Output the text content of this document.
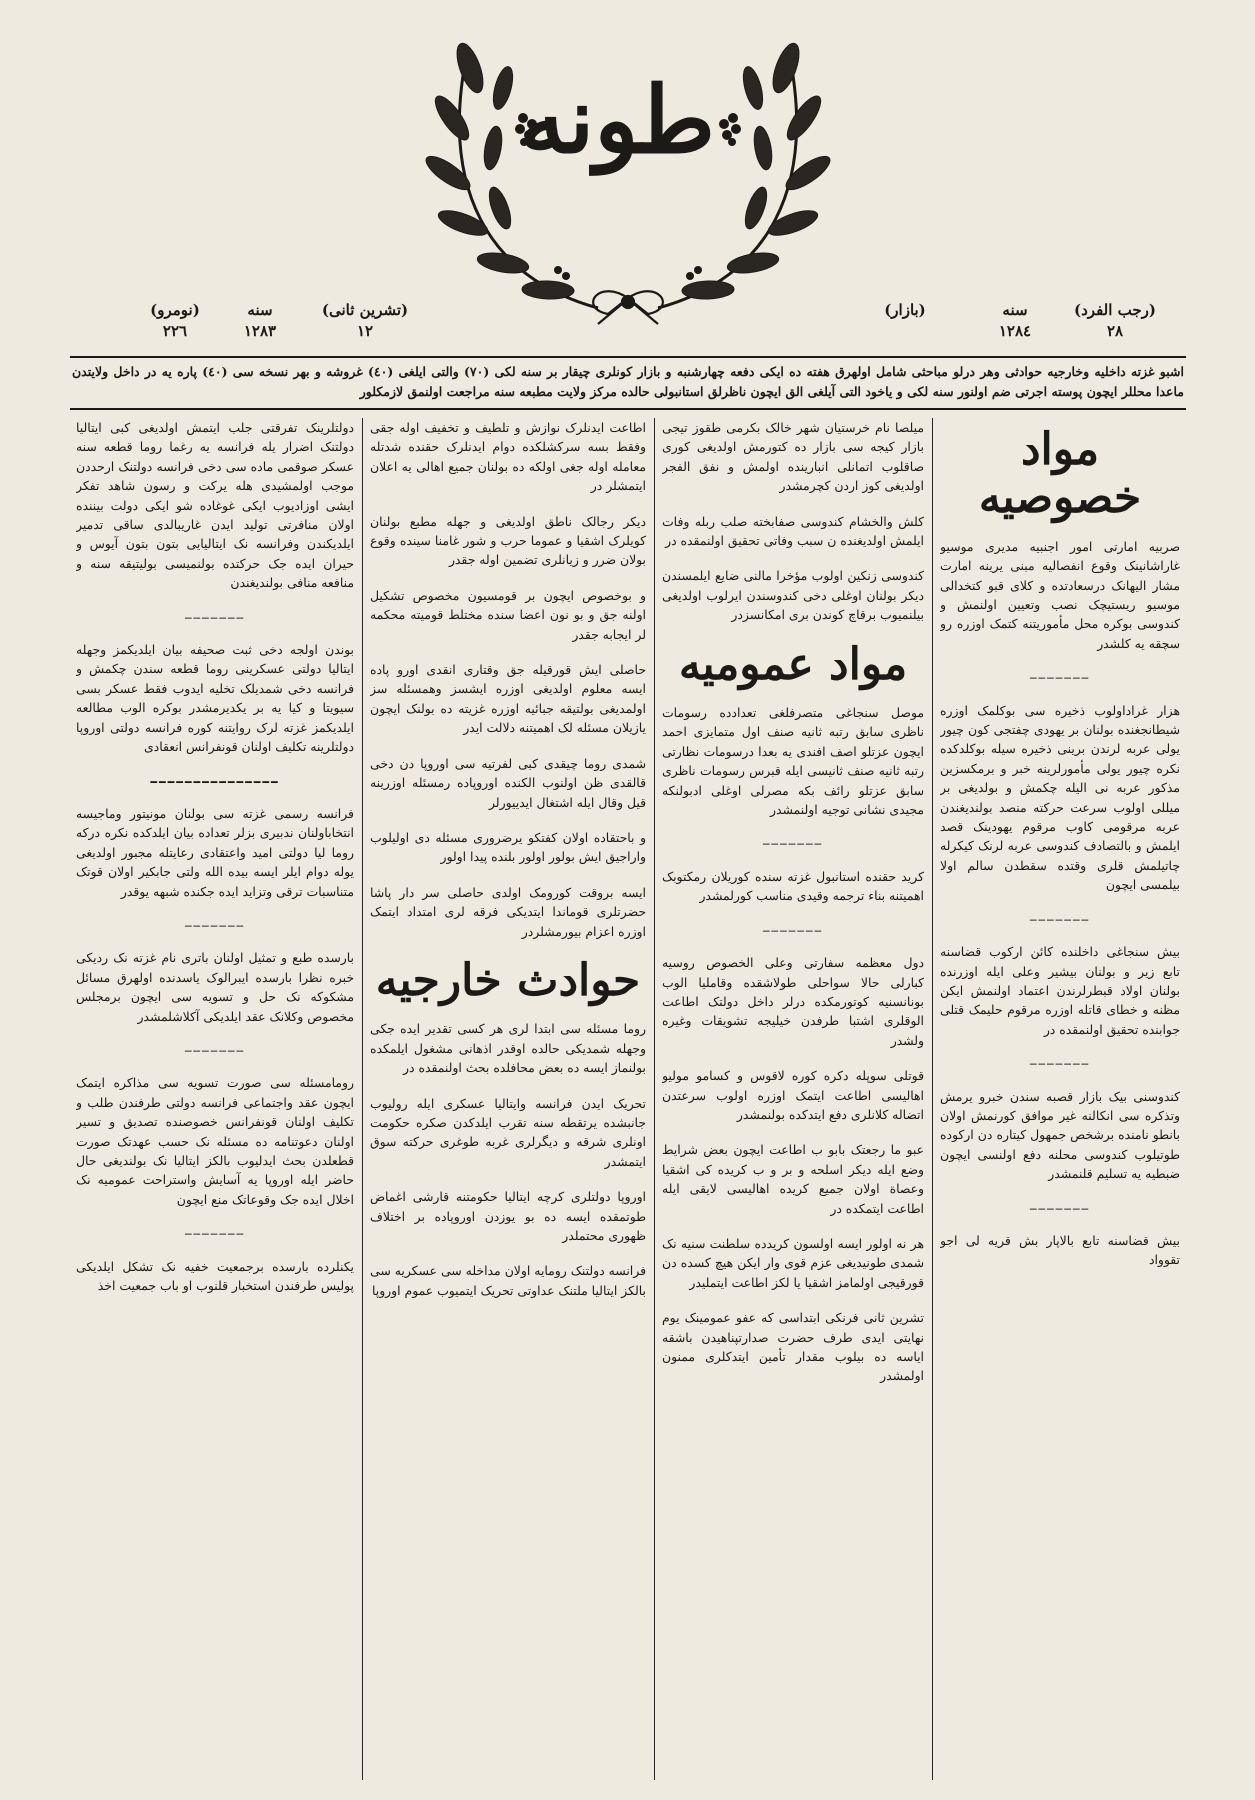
طونه
(رجب الفرد)
٢٨
سنه
١٢٨٤
(بازار)
(تشرین ثانی)
١٢
سنه
١٢٨٣
(نومرو)
٢٢٦
اشبو غزته داخلیه وخارجیه حوادثی وهر درلو مباحثی شامل اولهرق هفته ده ایکی دفعه چهارشنبه و بازار کونلری چیقار بر سنه لکی (٧٠) والتی ایلغی (٤٠) غروشه و بهر نسخه سی (٤٠) پاره یه در داخل ولایتدن ماعدا محللر ایچون پوسته اجرتی ضم اولنور سنه لکی و یاخود التی آیلغی الق ایچون ناظرلق استانبولی حالده مرکز ولایت مطبعه سنه مراجعت اولنمق لازمکلور
مواد خصوصیه

صربیه امارتی امور اجنبیه مدیری موسیو غاراشانینک وقوع انفصالیه مبنی یرینه امارت مشار الیهانک درسعادتده و کلای قبو کتخدالی موسیو ریستیچک نصب وتعیین اولنمش و کندوسی بوکره محل مأموریتنه کتمک اوزره رو سچقه یه کلشدر

───────

هزار غراداولوب ذخیره سی بوکلمک اوزره شیطانجغنده بولنان بر یهودی چفتجی کون چیور یولی عربه لرندن برینی ذخیره سیله بوکلدکده نکره چیور یولی مأمورلرینه خبر و برمکسزین مذکور عربه نی الیله چکمش و بولدیغی بر میللی اولوب سرعت حرکته منصد بولندیغندن عربه مرقومی کاوب مرقوم یهودینک قصد ایلمش و بالتصادف کندوسی عربه لرنک کیکرله چاتیلمش قلری وقتده سقطدن سالم اولا بیلمسی ایچون

───────

بیش سنجاغی داخلنده کائن ارکوب قضاسنه تابع زیر و بولنان بیشیر وعلی ایله اوزرنده بولنان اولاد قبطرلرندن اعتماد اولنمش ایکن مظنه و خطای قاتله اوزره مرقوم حلیمک قتلی جوابنده تحقیق اولنمقده در

───────

کندوسنی بیک بازار قصبه سندن خبرو یرمش وتذکره سی انکالنه غیر موافق کورنمش اولان بانطو نامنده برشخص جمهول کیتاره دن ارکوده طوتیلوب کندوسی محلنه دفع اولنسی ایچون ضبطیه یه تسلیم قلنمشدر

───────

بیش قضاسنه تابع بالاپار بش قریه لی اجو تقوواد

میلصا نام خرستیان شهر خالک بکرمی طقوز تیجی بازار کیجه سی بازار ده کتورمش اولدیغی کوری صاقلوب اتمانلی انبارینده اولمش و نفق الفجر اولدیغی کوز اردن کچرمشدر

کلش والخشام کندوسی صفابخته صلب ربله وفات ایلمش اولدیغنده ن سبب وفاتی تحقیق اولنمقده در

کندوسی زنکین اولوب مؤخرا مالنی ضایع ایلمسندن دیکر بولنان اوغلی دخی کندوسندن ایرلوب اولدیغی بیلنمیوب برقاچ کوندن بری امکانسزدر

مواد عمومیه

موصل سنجاغی متصرفلغی تعدادده رسومات ناظری سابق رتبه ثانیه صنف اول متمایزی احمد ایچون عزتلو اصف افندی یه بعدا درسومات نظارتی رتبه ثانیه صنف ثانیسی ایله قبرس رسومات ناظری سابق عزتلو رائف بکه مصرلی اوغلی ادبولنکه مجیدی نشانی توجیه اولنمشدر

───────

کرید حقنده استانبول غزته سنده کوریلان رمکتوبک اهمیتنه بناء ترجمه وقیدی مناسب کورلمشدر

───────

دول معظمه سفارتی وعلی الخصوص روسیه کبارلی حالا سواحلی طولاشقده وقاملیا الوب بونانسنیه کوتورمکده درلر داخل دولتک اطاعت الوقلری اشتبا طرفدن خیلیجه تشویقات وغیره ولشدر

قوتلی سوپله دکره کوره لاقوس و کسامو مولیو اهالیسی اطاعت ایتمک اوزره اولوب سرعتدن اتضاله کلانلری دفع ایتدکده بولنمشدر

عبو ما رجعتک بابو ب اطاعت ایچون بعض شرایط وضع ایله دیکر اسلحه و بر و ب کریده کی اشقیا وعصاة اولان جمیع کریده اهالیسی لایقی ایله اطاعت ایتمکده در

هر نه اولور ایسه اولسون کریدده سلطنت سنیه نک شمدی طونیدیغی عزم قوی وار ایکن هیچ کسده دن قورقیجی اولمامز اشقیا یا لکز اطاعت ایتملیدر

تشرین ثانی فرنکی ابتداسی که عفو عمومینک یوم نهایتی ایدی طرف حضرت صدارتپناهیدن باشقه ایاسه ده بیلوب مقدار تأمین ایتدکلری ممنون اولمشدر

اطاعت ایدنلرک نوازش و تلطیف و تخفیف اوله جقی وفقط بسه سرکشلکده دوام ایدنلرک حقنده شدتله معامله اوله جغی اولکه ده بولنان جمیع اهالی یه اعلان ایتمشلر در

دیکر رجالک ناطق اولدیغی و جهله مطبع بولنان کویلرک اشقیا و عموما حرب و شور غامنا سینده وقوع بولان ضرر و زیانلری تضمین اوله جقدر

و بوخصوص ایچون بر قومسیون مخصوص تشکیل اولنه جق و بو نون اعضا سنده مختلط قومیته محکمه لر ایجابه جقدر

حاصلی ایش قورقیله جق وقتاری انقدی اورو پاده ایسه معلوم اولدیغی اوزره ایشسز وهمسئله سز اولمدیغی بولتیقه جبائیه اوزره غزیته ده بولنک ایچون یازیلان مسئله لک اهمیتنه دلالت ایدر

شمدی روما چیقدی کبی لفرتیه سی اوروپا دن دخی قالقدی ظن اولنوب الکنده اوروپاده رمسئله اوزرینه قیل وقال ایله اشتغال ایدییورلر

و باحتقاده اولان کفتکو یرضروری مسئله دی اولیلوب واراجیق ایش بولور اولور بلنده پیدا اولور

ایسه بروقت کورومک اولدی حاصلی سر دار پاشا حضرتلری قوماندا ایتدیکی فرقه لری امتداد ایتمک اوزره اعزام بیورمشلردر

حوادث خارجیه

روما مسئله سی ابتدا لری هر کسی تقدیر ایده جکی وجهله شمدیکی حالده اوقدر اذهانی مشغول ایلمکده بولنماز ایسه ده بعض محافلده بحث اولنمقده در

تحریک ایدن فرانسه وایتالیا عسکری ایله رولیوب جانبشده یرتقطه سنه تقرب ایلدکدن صکره حکومت اونلری شرقه و دیگرلری غربه طوغری حرکته سوق ایتمشدر

اوروپا دولتلری کرچه ایتالیا حکومتنه قارشی اغماض طوتمقده ایسه ده بو یوزدن اوروپاده بر اختلاف ظهوری محتملدر

فرانسه دولتنک رومایه اولان مداخله سی عسکریه سی بالکز ایتالیا ملتنک عداوتی تحریک ایتمیوب عموم اوروپا

دولتلرینک تفرقتی جلب ایتمش اولدیغی کبی ایتالیا دولتنک اضرار یله فرانسه یه رغما روما قطعه سنه عسکر صوقمی ماده سی دخی فرانسه دولتنک ارحددن موجب اولمشیدی هله یرکت و رسون شاهد تفکر ایشی اوزادیوب ایکی غوغاده شو ایکی دولت بیننده اولان منافرتی تولید ایدن غاریبالدی ساقی تدمیر ایلدیکندن وفرانسه نک ایتالیایی بتون بتون آیوس و حیران ایده جک حرکتده بولنمیسی بولیتیقه سنه و منافعه منافی بولندیغندن

───────

بوندن اولجه دخی ثبت صحیفه بیان ایلدیکمز وجهله ایتالیا دولتی عسکرینی روما قطعه سندن چکمش و فرانسه دخی شمدیلک تخلیه ایدوب فقط عسکر بسی سیویتا و کیا یه بر یکدیرمشدر بوکره الوب مطالعه ایلدیکمز غزته لرک روایتنه کوره فرانسه دولتی اوروپا دولتلرینه تکلیف اولنان قونفرانس انعقادی

━━━━━━━━━━━━━━━

فرانسه رسمی غزته سی بولنان مونیتور وماجیسه انتخاباولنان ندبیری بزلر تعداده بیان ایلدکده نکره درکه روما لیا دولتی امید واعتقادی رعایتله مجبور اولدیغی یوله دوام ایلر ایسه بیده الله ولتی جابکیر اولان قوتک متناسبات ترقی وتزاید ایده جکنده شبهه یوقدر

───────

بارسده طبع و تمثیل اولنان باتری نام غزته نک ردیکی خبره نظرا بارسده ایبرالوک یاسدنده اولهرق مسائل مشکوکه نک حل و تسویه سی ایچون برمجلس مخصوص وکلانک عقد ایلدیکی آکلاشلمشدر

───────

رومامسئله سی صورت تسویه سی مذاکره ایتمک ایچون عقد واجتماعی فرانسه دولتی طرفندن طلب و تکلیف اولنان قونفرانس خصوصنده تصدیق و تسیر اولنان دعوتنامه ده مسئله نک حسب عهدتک صورت قطعلدن بحث ایدلیوب بالکز ایتالیا نک بولندیغی حال حاضر ایله اوروپا یه آسایش واستراحت عمومیه نک اخلال ایده جک وقوعاتک منع ایچون

───────

یکنلرده بارسده برجمعیت خفیه نک تشکل ایلدیکی پولیس طرفندن استخبار قلنوب او باب جمعیت اخذ
